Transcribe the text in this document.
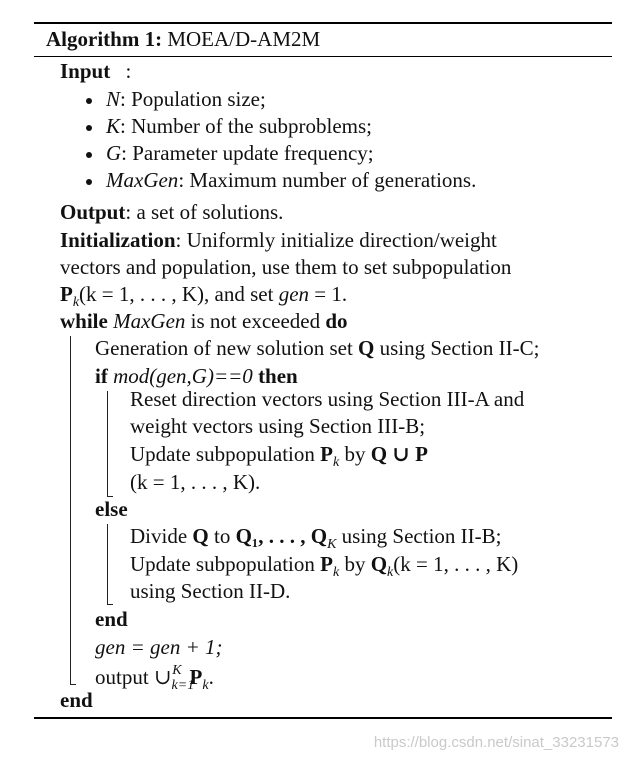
Algorithm 1: MOEA/D-AM2M
Input :
N: Population size;
K: Number of the subproblems;
G: Parameter update frequency;
MaxGen: Maximum number of generations.
Output: a set of solutions.
Initialization: Uniformly initialize direction/weight
vectors and population, use them to set subpopulation
$P_k(k = 1$, . . . , K), and set gen = 1.
while MaxGen is not exceeded do
Generation of new solution set Q using Section II-C;
if mod(gen,G)==0 then
Reset direction vectors using Section III-A and
weight vectors using Section III-B;
Update subpopulation $P_k$ by Q ∪ P
(k = 1, . . . , K).
else
Divide Q to Q₁, . . . , $Q_K$ using Section II-B;
Update subpopulation $P_k$ by $Q_k(k = 1$, . . . , K)
using Section II-D.
end
gen = gen + 1;
output $\cup_{k=1}^K$ $P_k$.
end
https://blog.csdn.net/sinat_33231573
